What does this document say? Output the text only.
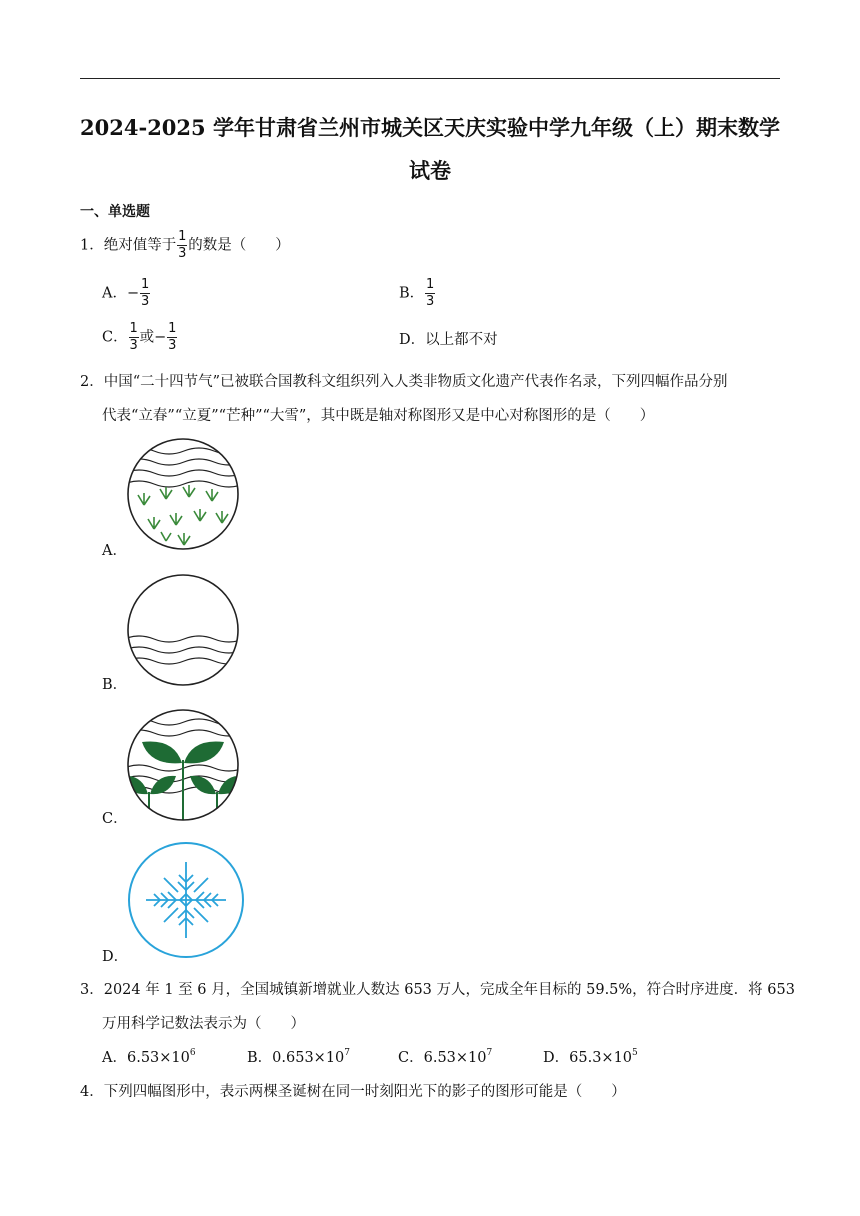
2024-2025 学年甘肃省兰州市城关区天庆实验中学九年级（上）期末数学
试卷
一、单选题
1．绝对值等于 $\frac{1}{3}$ 的数是（　　）
A．− $\frac{1}{3}$	B． $\frac{1}{3}$
C． $\frac{1}{3}$ 或− $\frac{1}{3}$	D．以上都不对
2．中国“二十四节气”已被联合国教科文组织列入人类非物质文化遗产代表作名录，下列四幅作品分别
代表“立春”“立夏”“芒种”“大雪”，其中既是轴对称图形又是中心对称图形的是（　　）
A．
B．
C．
D．
3．2024 年 1 至 6 月，全国城镇新增就业人数达 653 万人，完成全年目标的 59.5%，符合时序进度．将 653
万用科学记数法表示为（　　）
A．$6.53\times 10^6$	B．$0.653\times 10^7$	C．$6.53\times 10^7$	D．$65.3\times 10^5$
4．下列四幅图形中，表示两棵圣诞树在同一时刻阳光下的影子的图形可能是（　　）
